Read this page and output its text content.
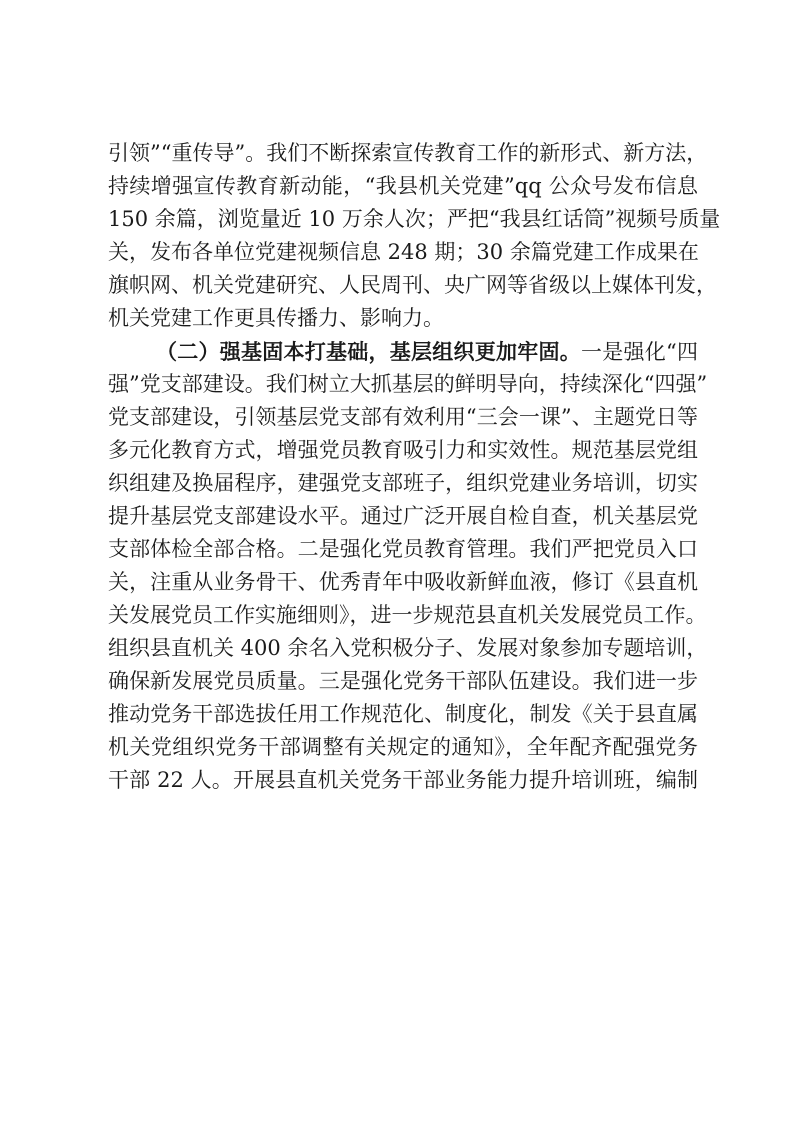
引领”“重传导”。我们不断探索宣传教育工作的新形式、新方法，
持续增强宣传教育新动能，“我县机关党建”qq 公众号发布信息
150 余篇，浏览量近 10 万余人次；严把“我县红话筒”视频号质量
关，发布各单位党建视频信息 248 期；30 余篇党建工作成果在
旗帜网、机关党建研究、人民周刊、央广网等省级以上媒体刊发，
机关党建工作更具传播力、影响力。
（二）强基固本打基础，基层组织更加牢固。一是强化“四
强”党支部建设。我们树立大抓基层的鲜明导向，持续深化“四强”
党支部建设，引领基层党支部有效利用“三会一课”、主题党日等
多元化教育方式，增强党员教育吸引力和实效性。规范基层党组
织组建及换届程序，建强党支部班子，组织党建业务培训，切实
提升基层党支部建设水平。通过广泛开展自检自查，机关基层党
支部体检全部合格。二是强化党员教育管理。我们严把党员入口
关，注重从业务骨干、优秀青年中吸收新鲜血液，修订《县直机
关发展党员工作实施细则》，进一步规范县直机关发展党员工作。
组织县直机关 400 余名入党积极分子、发展对象参加专题培训，
确保新发展党员质量。三是强化党务干部队伍建设。我们进一步
推动党务干部选拔任用工作规范化、制度化，制发《关于县直属
机关党组织党务干部调整有关规定的通知》，全年配齐配强党务
干部 22 人。开展县直机关党务干部业务能力提升培训班，编制
